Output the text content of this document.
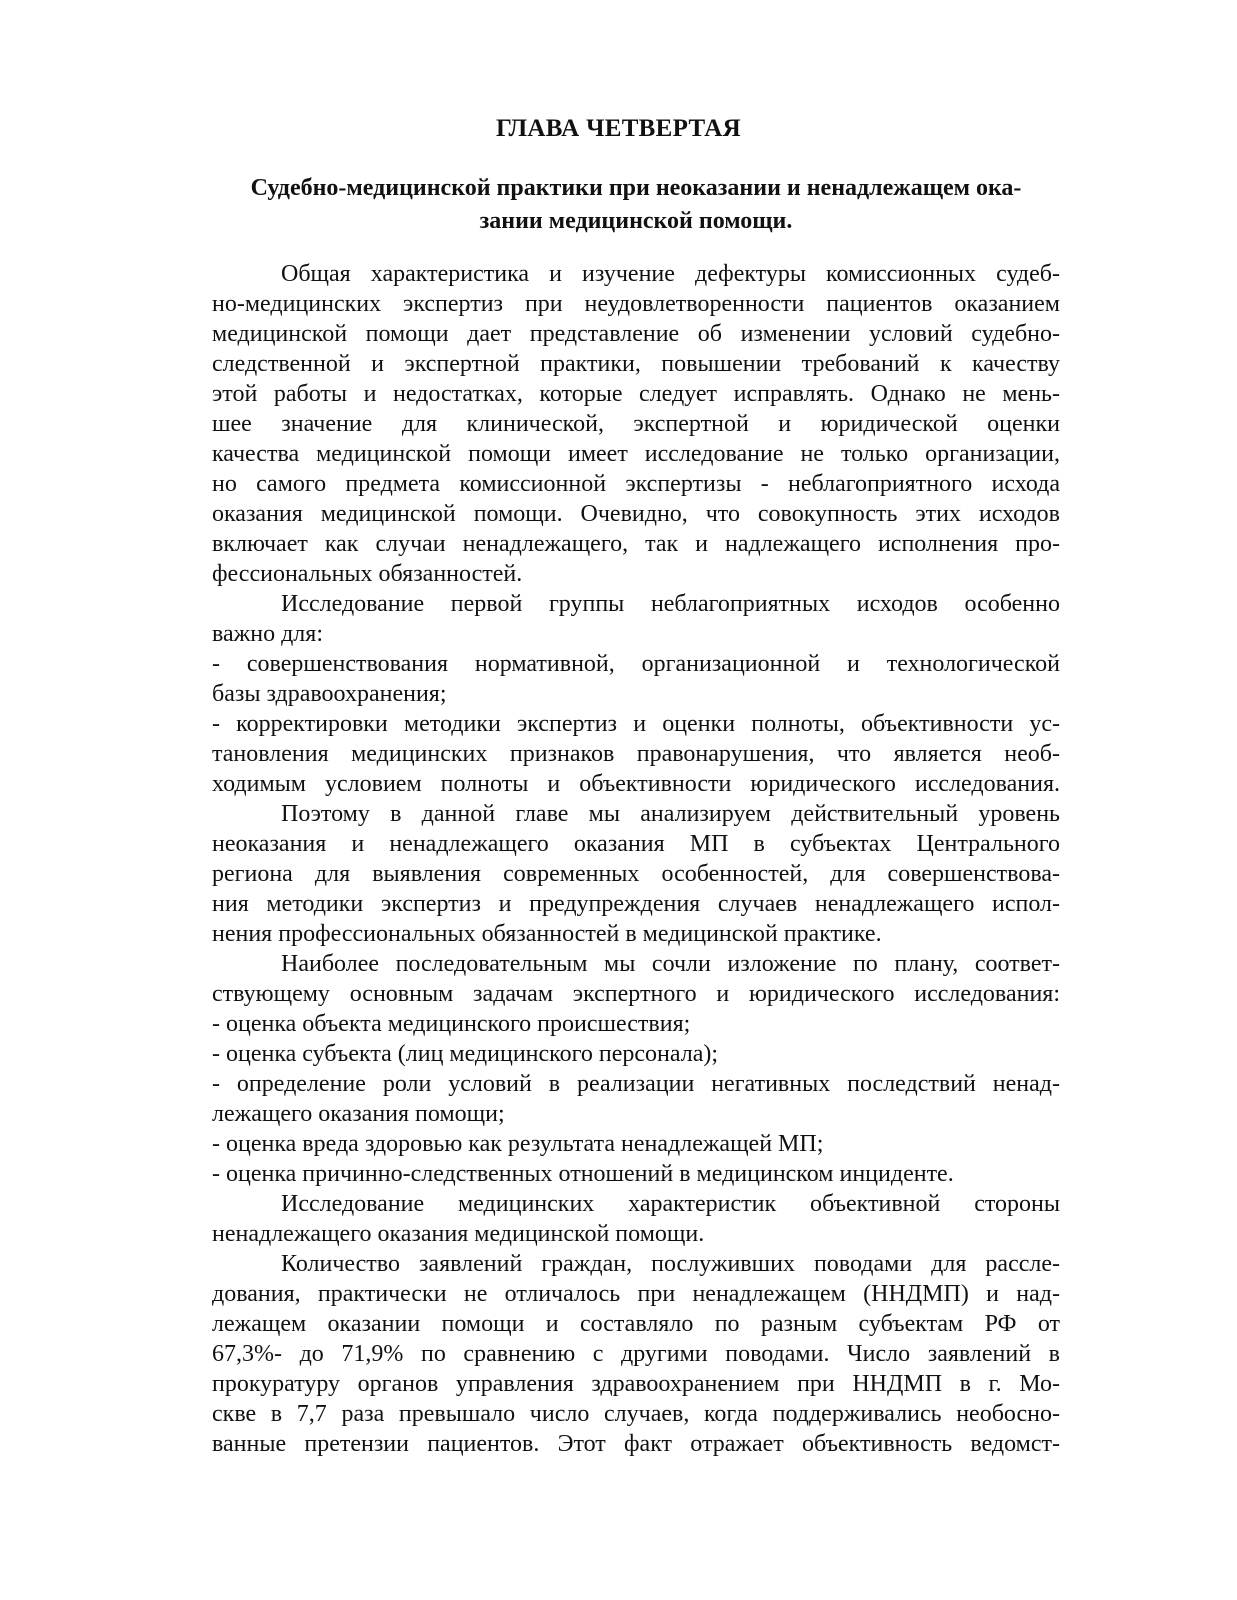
ГЛАВА ЧЕТВЕРТАЯ
Судебно-медицинской практики при неоказании и ненадлежащем ока-
зании медицинской помощи.
Общая характеристика и изучение дефектуры комиссионных судеб-
но-медицинских экспертиз при неудовлетворенности пациентов оказанием
медицинской помощи дает представление об изменении условий судебно-
следственной и экспертной практики, повышении требований к качеству
этой работы и недостатках, которые следует исправлять. Однако не мень-
шее значение для клинической, экспертной и юридической оценки
качества медицинской помощи имеет исследование не только организации,
но самого предмета комиссионной экспертизы - неблагоприятного исхода
оказания медицинской помощи. Очевидно, что совокупность этих исходов
включает как случаи ненадлежащего, так и надлежащего исполнения про-
фессиональных обязанностей.
Исследование первой группы неблагоприятных исходов особенно
важно для:
- совершенствования нормативной, организационной и технологической
базы здравоохранения;
- корректировки методики экспертиз и оценки полноты, объективности ус-
тановления медицинских признаков правонарушения, что является необ-
ходимым условием полноты и объективности юридического исследования.
Поэтому в данной главе мы анализируем действительный уровень
неоказания и ненадлежащего оказания МП в субъектах Центрального
региона для выявления современных особенностей, для совершенствова-
ния методики экспертиз и предупреждения случаев ненадлежащего испол-
нения профессиональных обязанностей в медицинской практике.
Наиболее последовательным мы сочли изложение по плану, соответ-
ствующему основным задачам экспертного и юридического исследования:
- оценка объекта медицинского происшествия;
- оценка субъекта (лиц медицинского персонала);
- определение роли условий в реализации негативных последствий ненад-
лежащего оказания помощи;
- оценка вреда здоровью как результата ненадлежащей МП;
- оценка причинно-следственных отношений в медицинском инциденте.
Исследование медицинских характеристик объективной стороны
ненадлежащего оказания медицинской помощи.
Количество заявлений граждан, послуживших поводами для рассле-
дования, практически не отличалось при ненадлежащем (ННДМП) и над-
лежащем оказании помощи и составляло по разным субъектам РФ от
67,3%- до 71,9% по сравнению с другими поводами. Число заявлений в
прокуратуру органов управления здравоохранением при ННДМП в г. Мо-
скве в 7,7 раза превышало число случаев, когда поддерживались необосно-
ванные претензии пациентов. Этот факт отражает объективность ведомст-
